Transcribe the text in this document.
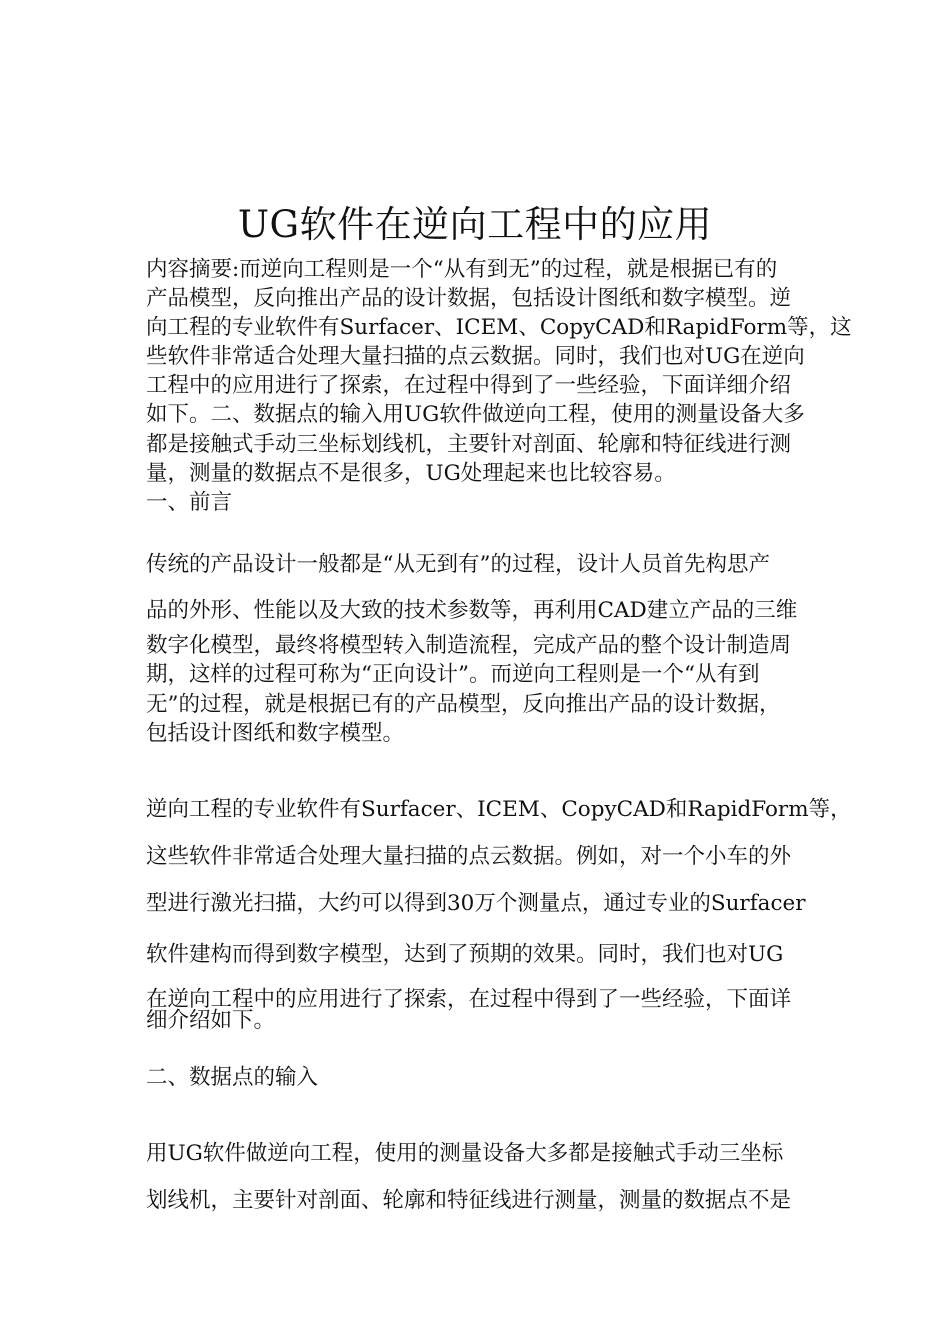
UG软件在逆向工程中的应用
内容摘要:而逆向工程则是一个“从有到无”的过程，就是根据已有的
产品模型，反向推出产品的设计数据，包括设计图纸和数字模型。逆
向工程的专业软件有Surfacer、ICEM、CopyCAD和RapidForm等，这
些软件非常适合处理大量扫描的点云数据。同时，我们也对UG在逆向
工程中的应用进行了探索，在过程中得到了一些经验，下面详细介绍
如下。二、数据点的输入用UG软件做逆向工程，使用的测量设备大多
都是接触式手动三坐标划线机，主要针对剖面、轮廓和特征线进行测
量，测量的数据点不是很多，UG处理起来也比较容易。
一、前言
传统的产品设计一般都是“从无到有”的过程，设计人员首先构思产
品的外形、性能以及大致的技术参数等，再利用CAD建立产品的三维
数字化模型，最终将模型转入制造流程，完成产品的整个设计制造周
期，这样的过程可称为“正向设计”。而逆向工程则是一个“从有到
无”的过程，就是根据已有的产品模型，反向推出产品的设计数据，
包括设计图纸和数字模型。
逆向工程的专业软件有Surfacer、ICEM、CopyCAD和RapidForm等，
这些软件非常适合处理大量扫描的点云数据。例如，对一个小车的外
型进行激光扫描，大约可以得到30万个测量点，通过专业的Surfacer
软件建构而得到数字模型，达到了预期的效果。同时，我们也对UG
在逆向工程中的应用进行了探索，在过程中得到了一些经验，下面详
细介绍如下。
二、数据点的输入
用UG软件做逆向工程，使用的测量设备大多都是接触式手动三坐标
划线机，主要针对剖面、轮廓和特征线进行测量，测量的数据点不是
